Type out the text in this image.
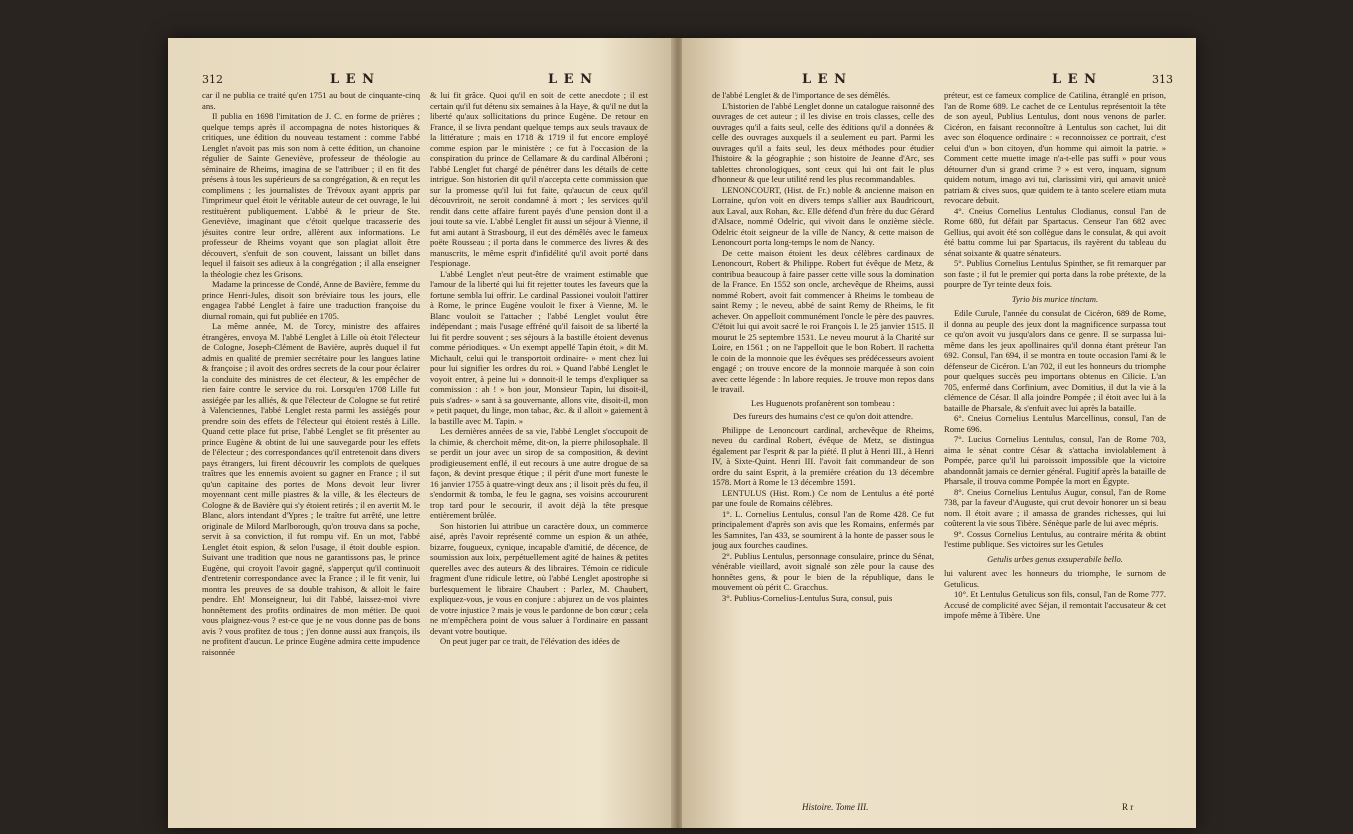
312	L E N	L E N

car il ne publia ce traité qu'en 1751 au bout de cinquante-cinq ans.

Il publia en 1698 l'imitation de J. C. en forme de prières ; quelque temps après il accompagna de notes historiques & critiques, une édition du nouveau testament : comme l'abbé Lenglet n'avoit pas mis son nom à cette édition, un chanoine régulier de Sainte Geneviève, professeur de théologie au séminaire de Rheims, imagina de se l'attribuer ; il en fit des présens à tous les supérieurs de sa congrégation, & en reçut les complimens ; les journalistes de Trévoux ayant appris par l'imprimeur quel étoit le véritable auteur de cet ouvrage, le lui restituèrent publiquement. L'abbé & le prieur de Ste. Geneviève, imaginant que c'étoit quelque tracasserie des jésuites contre leur ordre, allèrent aux informations. Le professeur de Rheims voyant que son plagiat alloit être découvert, s'enfuit de son couvent, laissant un billet dans lequel il faisoit ses adieux à la congrégation ; il alla enseigner la théologie chez les Grisons.

Madame la princesse de Condé, Anne de Bavière, femme du prince Henri-Jules, disoit son bréviaire tous les jours, elle engagea l'abbé Lenglet à faire une traduction françoise du diurnal romain, qui fut publiée en 1705.

La même année, M. de Torcy, ministre des affaires étrangères, envoya M. l'abbé Lenglet à Lille où étoit l'électeur de Cologne, Joseph-Clément de Bavière, auprès duquel il fut admis en qualité de premier secrétaire pour les langues latine & françoise ; il avoit des ordres secrets de la cour pour éclairer la conduite des ministres de cet électeur, & les empêcher de rien faire contre le service du roi. Lorsqu'en 1708 Lille fut assiégée par les alliés, & que l'électeur de Cologne se fut retiré à Valenciennes, l'abbé Lenglet resta parmi les assiégés pour prendre soin des effets de l'électeur qui étoient restés à Lille. Quand cette place fut prise, l'abbé Lenglet se fit présenter au prince Eugène & obtint de lui une sauvegarde pour les effets de l'électeur ; des correspondances qu'il entretenoit dans divers pays étrangers, lui firent découvrir les complots de quelques traîtres que les ennemis avoient su gagner en France ; il sut qu'un capitaine des portes de Mons devoit leur livrer moyennant cent mille piastres & la ville, & les électeurs de Cologne & de Bavière qui s'y étoient retirés ; il en avertit M. le Blanc, alors intendant d'Ypres ; le traître fut arrêté, une lettre originale de Milord Marlborough, qu'on trouva dans sa poche, servit à sa conviction, il fut rompu vif. En un mot, l'abbé Lenglet étoit espion, & selon l'usage, il étoit double espion. Suivant une tradition que nous ne garantissons pas, le prince Eugène, qui croyoit l'avoir gagné, s'apperçut qu'il continuoit d'entretenir correspondance avec la France ; il le fit venir, lui montra les preuves de sa double trahison, & alloit le faire pendre. Eh! Monseigneur, lui dit l'abbé, laissez-moi vivre honnêtement des profits ordinaires de mon métier. De quoi vous plaignez-vous ? est-ce que je ne vous donne pas de bons avis ? vous profitez de tous ; j'en donne aussi aux françois, ils ne profitent d'aucun. Le prince Eugène admira cette impudence raisonnée

& lui fit grâce. Quoi qu'il en soit de cette anecdote ; il est certain qu'il fut détenu six semaines à la Haye, & qu'il ne dut la liberté qu'aux sollicitations du prince Eugène. De retour en France, il se livra pendant quelque temps aux seuls travaux de la littérature ; mais en 1718 & 1719 il fut encore employé comme espion par le ministère ; ce fut à l'occasion de la conspiration du prince de Cellamare & du cardinal Albéroni ; l'abbé Lenglet fut chargé de pénétrer dans les détails de cette intrigue. Son historien dit qu'il n'accepta cette commission que sur la promesse qu'il lui fut faite, qu'aucun de ceux qu'il découvriroit, ne seroit condamné à mort ; les services qu'il rendit dans cette affaire furent payés d'une pension dont il a joui toute sa vie. L'abbé Lenglet fit aussi un séjour à Vienne, il fut ami autant à Strasbourg, il eut des démêlés avec le fameux poëte Rousseau ; il porta dans le commerce des livres & des manuscrits, le même esprit d'infidélité qu'il avoit porté dans l'espionage.

L'abbé Lenglet n'eut peut-être de vraiment estimable que l'amour de la liberté qui lui fit rejetter toutes les faveurs que la fortune sembla lui offrir. Le cardinal Passionei vouloit l'attirer à Rome, le prince Eugène vouloit le fixer à Vienne, M. le Blanc vouloit se l'attacher ; l'abbé Lenglet voulut être indépendant ; mais l'usage effréné qu'il faisoit de sa liberté la lui fit perdre souvent ; ses séjours à la bastille étoient devenus comme périodiques. « Un exempt appellé Tapin étoit, » dit M. Michault, celui qui le transportoit ordinaire- » ment chez lui pour lui signifier les ordres du roi. » Quand l'abbé Lenglet le voyoit entrer, à peine lui » donnoit-il le temps d'expliquer sa commission : ah ! » bon jour, Monsieur Tapin, lui disoit-il, puis s'adres- » sant à sa gouvernante, allons vite, disoit-il, mon » petit paquet, du linge, mon tabac, &c. & il alloit » gaiement à la bastille avec M. Tapin. »

Les dernières années de sa vie, l'abbé Lenglet s'occupoit de la chimie, & cherchoit même, dit-on, la pierre philosophale. Il se perdit un jour avec un sirop de sa composition, & devint prodigieusement enflé, il eut recours à une autre drogue de sa façon, & devint presque étique ; il périt d'une mort funeste le 16 janvier 1755 à quatre-vingt deux ans ; il lisoit près du feu, il s'endormit & tomba, le feu le gagna, ses voisins accoururent trop tard pour le secourir, il avoit déjà la tête presque entièrement brûlée.

Son historien lui attribue un caractère doux, un commerce aisé, après l'avoir représenté comme un espion & un athée, bizarre, fougueux, cynique, incapable d'amitié, de décence, de soumission aux loix, perpétuellement agité de haines & petites querelles avec des auteurs & des libraires. Témoin ce ridicule fragment d'une ridicule lettre, où l'abbé Lenglet apostrophe si burlesquement le libraire Chaubert : Parlez, M. Chaubert, expliquez-vous, je vous en conjure : abjurez un de vos plaintes de votre injustice ? mais je vous le pardonne de bon cœur ; cela ne m'empêchera point de vous saluer à l'ordinaire en passant devant votre boutique.

On peut juger par ce trait, de l'élévation des idées de

L E N	L E N	313

de l'abbé Lenglet & de l'importance de ses démêlés.

L'historien de l'abbé Lenglet donne un catalogue raisonné des ouvrages de cet auteur ; il les divise en trois classes, celle des ouvrages qu'il a faits seul, celle des éditions qu'il a données & celle des ouvrages auxquels il a seulement eu part. Parmi les ouvrages qu'il a faits seul, les deux méthodes pour étudier l'histoire & la géographie ; son histoire de Jeanne d'Arc, ses tablettes chronologiques, sont ceux qui lui ont fait le plus d'honneur & que leur utilité rend les plus recommandables.

LENONCOURT, (Hist. de Fr.) noble & ancienne maison en Lorraine, qu'on voit en divers temps s'allier aux Baudricourt, aux Laval, aux Rohan, &c. Elle défend d'un frère du duc Gérard d'Alsace, nommé Odelric, qui vivoit dans le onzième siècle. Odelric étoit seigneur de la ville de Nancy, & cette maison de Lenoncourt porta long-temps le nom de Nancy.

De cette maison étoient les deux célèbres cardinaux de Lenoncourt, Robert & Philippe. Robert fut évêque de Metz, & contribua beaucoup à faire passer cette ville sous la domination de la France. En 1552 son oncle, archevêque de Rheims, aussi nommé Robert, avoit fait commencer à Rheims le tombeau de saint Remy ; le neveu, abbé de saint Remy de Rheims, le fit achever. On appelloit communément l'oncle le père des pauvres. C'étoit lui qui avoit sacré le roi François I. le 25 janvier 1515. Il mourut le 25 septembre 1531. Le neveu mourut à la Charité sur Loire, en 1561 ; on ne l'appelloit que le bon Robert. Il rachetta le coin de la monnoie que les évêques ses prédécesseurs avoient engagé ; on trouve encore de la monnoie marquée à son coin avec cette légende : In labore requies. Je trouve mon repos dans le travail.

Les Huguenots profanèrent son tombeau :

Des fureurs des humains c'est ce qu'on doit attendre.

Philippe de Lenoncourt cardinal, archevêque de Rheims, neveu du cardinal Robert, évêque de Metz, se distingua également par l'esprit & par la piété. Il plut à Henri III., à Henri IV, à Sixte-Quint. Henri III. l'avoit fait commandeur de son ordre du saint Esprit, à la première création du 13 décembre 1578. Mort à Rome le 13 décembre 1591.

LENTULUS (Hist. Rom.) Ce nom de Lentulus a été porté par une foule de Romains célèbres.

1°. L. Cornelius Lentulus, consul l'an de Rome 428. Ce fut principalement d'après son avis que les Romains, enfermés par les Samnites, l'an 433, se soumirent à la honte de passer sous le joug aux fourches caudines.

2°. Publius Lentulus, personnage consulaire, prince du Sénat, vénérable vieillard, avoit signalé son zèle pour la cause des honnêtes gens, & pour le bien de la république, dans le mouvement où périt C. Gracchus.

3°. Publius-Cornelius-Lentulus Sura, consul, puis

préteur, est ce fameux complice de Catilina, étranglé en prison, l'an de Rome 689. Le cachet de ce Lentulus représentoit la tête de son ayeul, Publius Lentulus, dont nous venons de parler. Cicéron, en faisant reconnoître à Lentulus son cachet, lui dit avec son éloquence ordinaire : « reconnoissez ce portrait, c'est celui d'un » bon citoyen, d'un homme qui aimoit la patrie. » Comment cette muette image n'a-t-elle pas suffi » pour vous détourner d'un si grand crime ? » est vero, inquam, signum quidem notum, imago avi tui, clarissimi viri, qui amavit unicè patriam & cives suos, quæ quidem te à tanto scelere etiam muta revocare debuit.

4°. Cneius Cornelius Lentulus Clodianus, consul l'an de Rome 680, fut défait par Spartacus. Censeur l'an 682 avec Gellius, qui avoit été son collègue dans le consulat, & qui avoit été battu comme lui par Spartacus, ils rayèrent du tableau du sénat soixante & quatre sénateurs.

5°. Publius Cornelius Lentulus Spinther, se fit remarquer par son faste ; il fut le premier qui porta dans la robe prétexte, de la pourpre de Tyr teinte deux fois.

Tyrio bis murice tinctam.

Edile Curule, l'année du consulat de Cicéron, 689 de Rome, il donna au peuple des jeux dont la magnificence surpassa tout ce qu'on avoit vu jusqu'alors dans ce genre. Il se surpassa lui-même dans les jeux apollinaires qu'il donna étant préteur l'an 692. Consul, l'an 694, il se montra en toute occasion l'ami & le défenseur de Cicéron. L'an 702, il eut les honneurs du triomphe pour quelques succès peu importans obtenus en Cilicie. L'an 705, enfermé dans Corfinium, avec Domitius, il dut la vie à la clémence de César. Il alla joindre Pompée ; il étoit avec lui à la bataille de Pharsale, & s'enfuit avec lui après la bataille.

6°. Cneius Cornelius Lentulus Marcellinus, consul, l'an de Rome 696.

7°. Lucius Cornelius Lentulus, consul, l'an de Rome 703, aima le sénat contre César & s'attacha inviolablement à Pompée, parce qu'il lui paroissoit impossible que la victoire abandonnât jamais ce dernier général. Fugitif après la bataille de Pharsale, il trouva comme Pompée la mort en Égypte.

8°. Cneius Cornelius Lentulus Augur, consul, l'an de Rome 738, par la faveur d'Auguste, qui crut devoir honorer un si beau nom. Il étoit avare ; il amassa de grandes richesses, qui lui coûterent la vie sous Tibère. Sénèque parle de lui avec mépris.

9°. Cossus Cornelius Lentulus, au contraire mérita & obtint l'estime publique. Ses victoires sur les Getules

Getulis urbes genus exsuperabile bello.

lui valurent avec les honneurs du triomphe, le surnom de Getulicus.

10°. Et Lentulus Getulicus son fils, consul, l'an de Rome 777. Accusé de complicité avec Séjan, il remontait l'accusateur & cet impofe même à Tibère. Une

Histoire. Tome III.	R r
